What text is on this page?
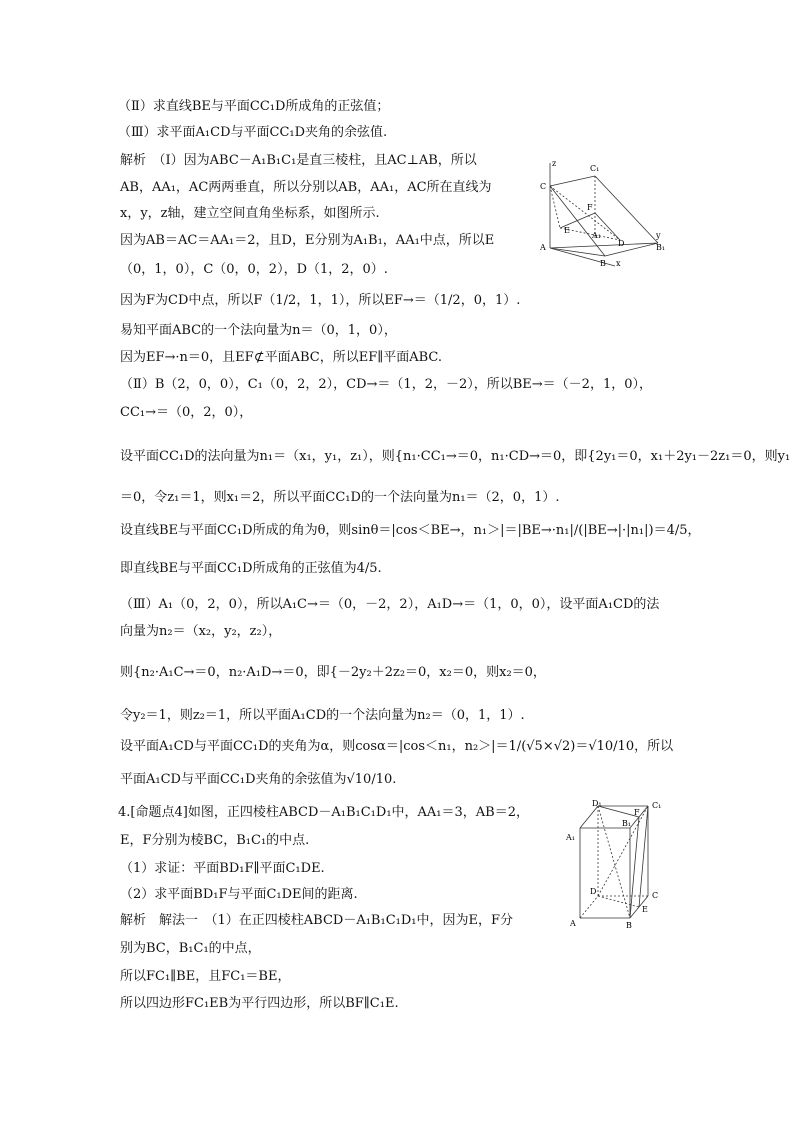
（Ⅱ）求直线BE与平面CC₁D所成角的正弦值；
（Ⅲ）求平面A₁CD与平面CC₁D夹角的余弦值.
解析　（Ⅰ）因为ABC－A₁B₁C₁是直三棱柱，且AC⊥AB，所以
AB，AA₁，AC两两垂直，所以分别以AB，AA₁，AC所在直线为
x，y，z轴，建立空间直角坐标系，如图所示.
因为AB＝AC＝AA₁＝2，且D，E分别为A₁B₁，AA₁中点，所以E
（0，1，0），C（0，0，2），D（1，2，0）.
因为F为CD中点，所以F（1/2，1，1），所以EF→＝（1/2，0，1）.
易知平面ABC的一个法向量为n＝（0，1，0），
因为EF→·n＝0，且EF⊄平面ABC，所以EF∥平面ABC.
（Ⅱ）B（2，0，0），C₁（0，2，2），CD→＝（1，2，－2），所以BE→＝（－2，1，0），
CC₁→＝（0，2，0），
设平面CC₁D的法向量为n₁＝（x₁，y₁，z₁），则{n₁·CC₁→＝0，n₁·CD→＝0，即{2y₁＝0，x₁＋2y₁－2z₁＝0，则y₁
＝0，令z₁＝1，则x₁＝2，所以平面CC₁D的一个法向量为n₁＝（2，0，1）.
设直线BE与平面CC₁D所成的角为θ，则sinθ＝|cos＜BE→，n₁＞|＝|BE→·n₁|/(|BE→|·|n₁|)＝4/5，
即直线BE与平面CC₁D所成角的正弦值为4/5.
（Ⅲ）A₁（0，2，0），所以A₁C→＝（0，－2，2），A₁D→＝（1，0，0），设平面A₁CD的法
向量为n₂＝（x₂，y₂，z₂），
则{n₂·A₁C→＝0，n₂·A₁D→＝0，即{－2y₂＋2z₂＝0，x₂＝0，则x₂＝0，
令y₂＝1，则z₂＝1，所以平面A₁CD的一个法向量为n₂＝（0，1，1）.
设平面A₁CD与平面CC₁D的夹角为α，则cosα＝|cos＜n₁，n₂＞|＝1/(√5×√2)＝√10/10，所以
平面A₁CD与平面CC₁D夹角的余弦值为√10/10.
4.[命题点4]如图，正四棱柱ABCD－A₁B₁C₁D₁中，AA₁＝3，AB＝2，
E，F分别为棱BC，B₁C₁的中点.
（1）求证：平面BD₁F∥平面C₁DE.
（2）求平面BD₁F与平面C₁DE间的距离.
解析　解法一　（1）在正四棱柱ABCD－A₁B₁C₁D₁中，因为E，F分
别为BC，B₁C₁的中点，
所以FC₁∥BE，且FC₁＝BE，
所以四边形FC₁EB为平行四边形，所以BF∥C₁E.
z
C
C₁
F
E
A
A₁
D
B
B₁
y
x
D₁	C₁
A₁
B₁
F
D	C
E
A	B
